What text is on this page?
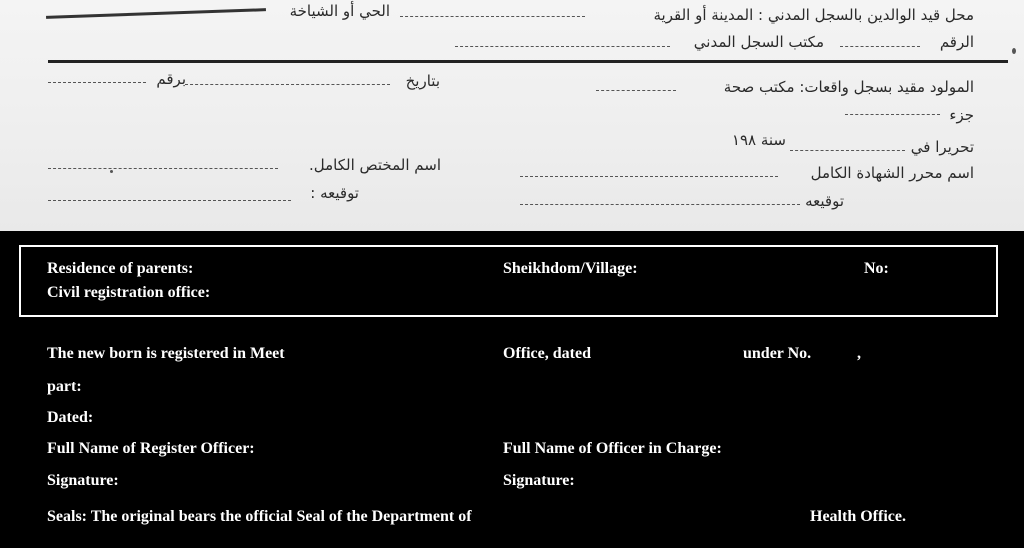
محل قيد الوالدين بالسجل المدني : المدينة أو القرية
الحي أو الشياخة
الرقم
مكتب السجل المدني
المولود مقيد بسجل واقعات: مكتب صحة
بتاريخ
برقم
جزء
تحريرا في
سنة ١٩٨
اسم محرر الشهادة الكامل
اسم المختص الكامل.
توقيعه
توقيعه :
Residence of parents:	Sheikhdom/Village:	No:
Civil registration office:
The new born is registered in Meet	Office, dated	under No.	,
part:
Dated:
Full Name of Register Officer:	Full Name of Officer in Charge:
Signature:	Signature:
Seals: The original bears the official Seal of the Department of	Health Office.
